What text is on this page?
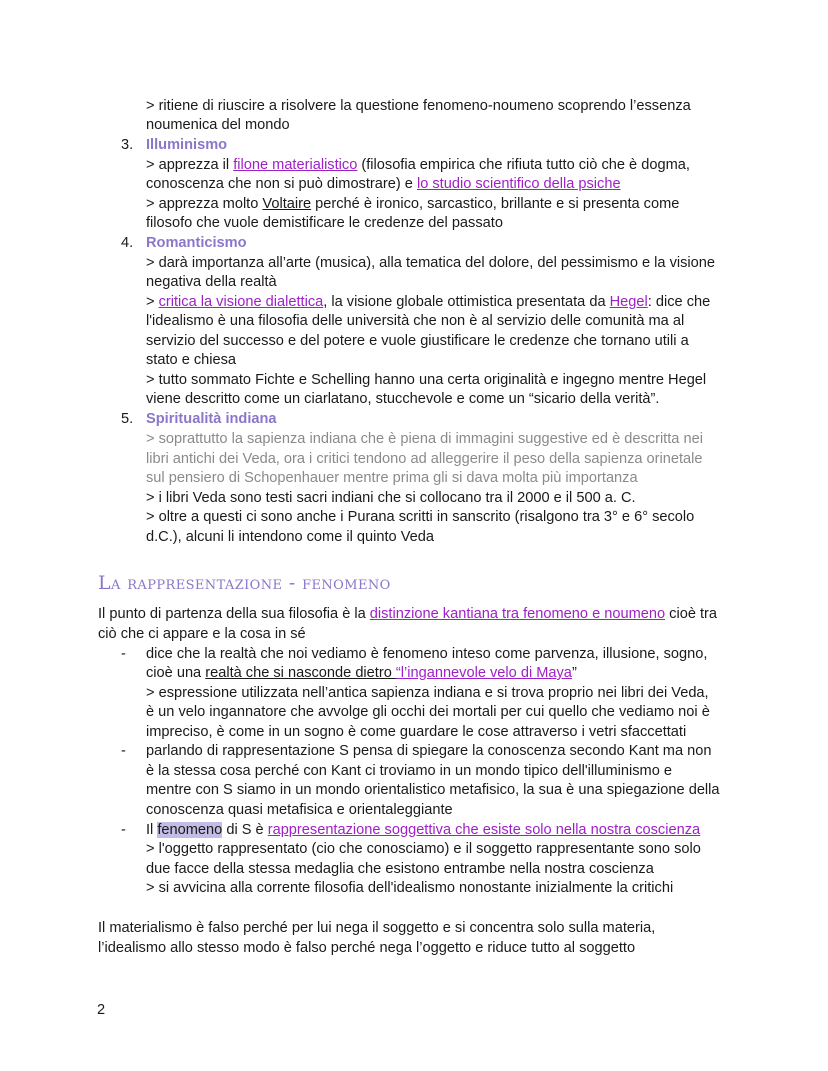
> ritiene di riuscire a risolvere la questione fenomeno-noumeno scoprendo l’essenza
noumenica del mondo
3. Illuminismo
> apprezza il filone materialistico (filosofia empirica che rifiuta tutto ciò che è dogma,
conoscenza che non si può dimostrare) e lo studio scientifico della psiche
> apprezza molto Voltaire perché è ironico, sarcastico, brillante e si presenta come
filosofo che vuole demistificare le credenze del passato
4. Romanticismo
> darà importanza all’arte (musica), alla tematica del dolore, del pessimismo e la visione
negativa della realtà
> critica la visione dialettica, la visione globale ottimistica presentata da Hegel: dice che
l'idealismo è una filosofia delle università che non è al servizio delle comunità ma al
servizio del successo e del potere e vuole giustificare le credenze che tornano utili a
stato e chiesa
> tutto sommato Fichte e Schelling hanno una certa originalità e ingegno mentre Hegel
viene descritto come un ciarlatano, stucchevole e come un “sicario della verità”.
5. Spiritualità indiana
> soprattutto la sapienza indiana che è piena di immagini suggestive ed è descritta nei
libri antichi dei Veda, ora i critici tendono ad alleggerire il peso della sapienza orinetale
sul pensiero di Schopenhauer mentre prima gli si dava molta più importanza
> i libri Veda sono testi sacri indiani che si collocano tra il 2000 e il 500 a. C.
> oltre a questi ci sono anche i Purana scritti in sanscrito (risalgono tra 3° e 6° secolo
d.C.), alcuni li intendono come il quinto Veda
La rappresentazione - fenomeno
Il punto di partenza della sua filosofia è la distinzione kantiana tra fenomeno e noumeno cioè tra
ciò che ci appare e la cosa in sé
- dice che la realtà che noi vediamo è fenomeno inteso come parvenza, illusione, sogno,
cioè una realtà che si nasconde dietro “l’ingannevole velo di Maya”
> espressione utilizzata nell’antica sapienza indiana e si trova proprio nei libri dei Veda,
è un velo ingannatore che avvolge gli occhi dei mortali per cui quello che vediamo noi è
impreciso, è come in un sogno è come guardare le cose attraverso i vetri sfaccettati
- parlando di rappresentazione S pensa di spiegare la conoscenza secondo Kant ma non
è la stessa cosa perché con Kant ci troviamo in un mondo tipico dell'illuminismo e
mentre con S siamo in un mondo orientalistico metafisico, la sua è una spiegazione della
conoscenza quasi metafisica e orientaleggiante
- Il fenomeno di S è rappresentazione soggettiva che esiste solo nella nostra coscienza
> l'oggetto rappresentato (cio che conosciamo) e il soggetto rappresentante sono solo
due facce della stessa medaglia che esistono entrambe nella nostra coscienza
> si avvicina alla corrente filosofia dell'idealismo nonostante inizialmente la critichi
Il materialismo è falso perché per lui nega il soggetto e si concentra solo sulla materia,
l’idealismo allo stesso modo è falso perché nega l’oggetto e riduce tutto al soggetto
2
